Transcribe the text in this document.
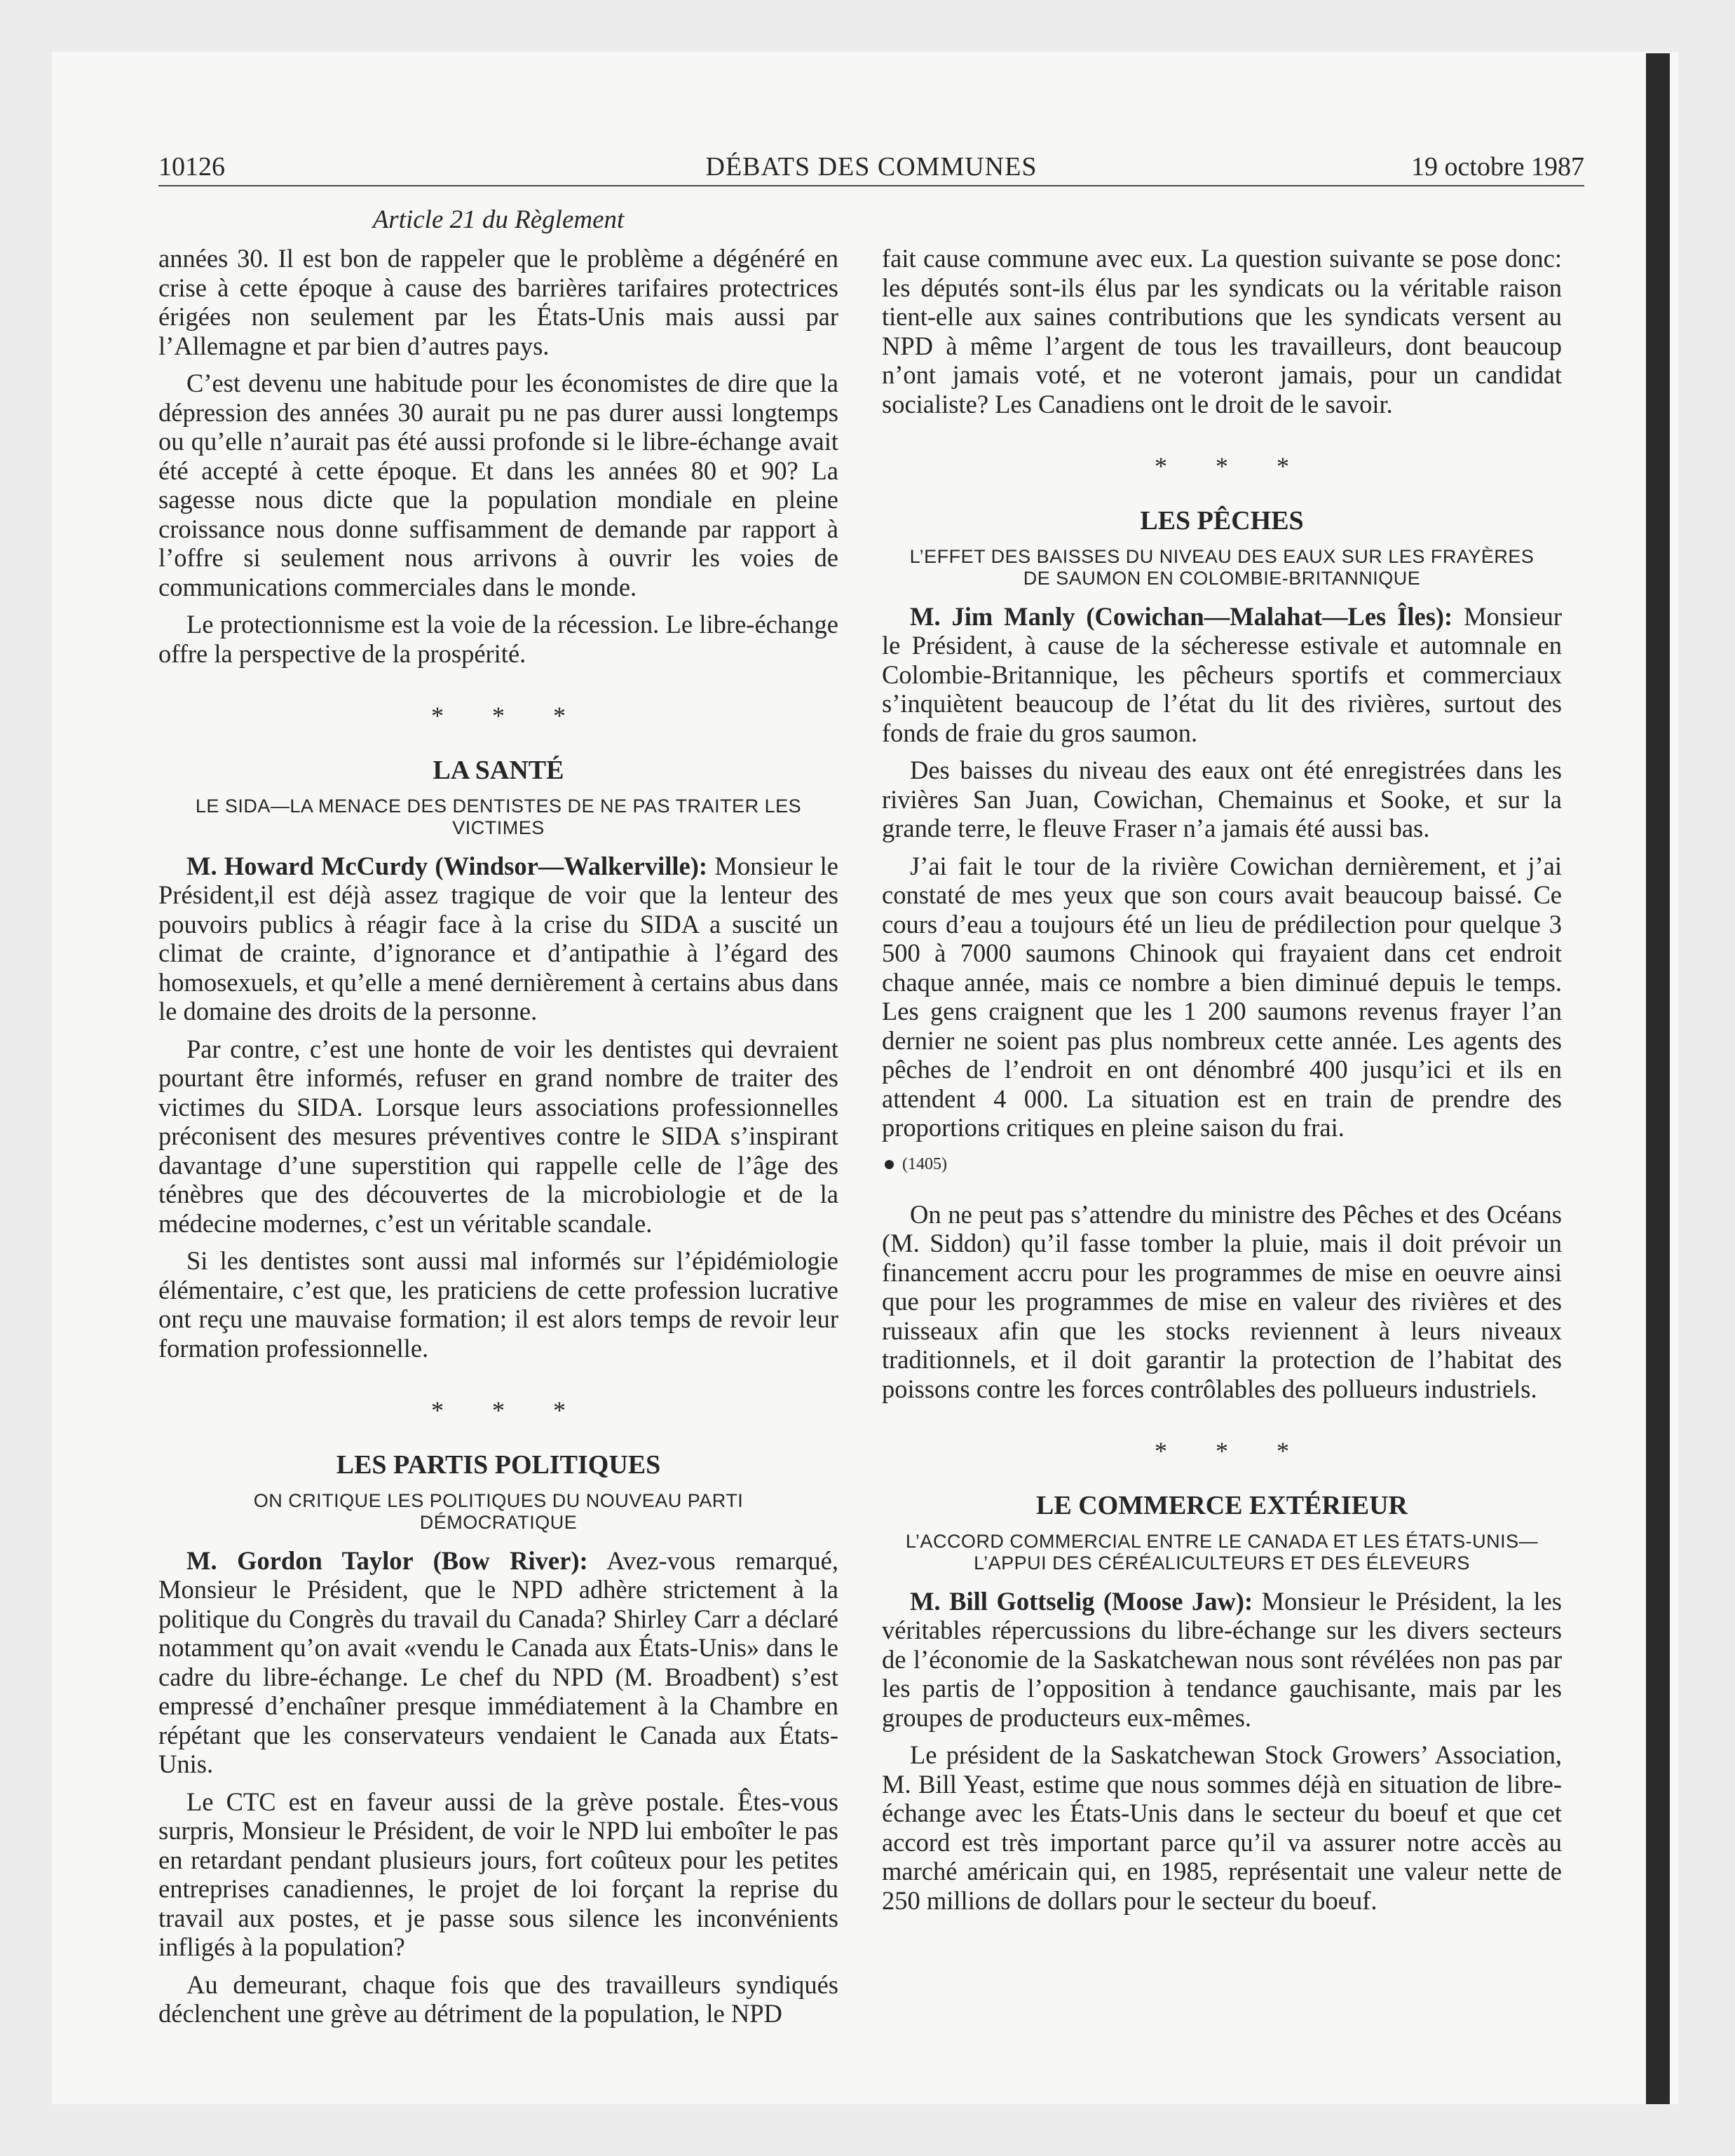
10126	DÉBATS DES COMMUNES	19 octobre 1987
Article 21 du Règlement

années 30. Il est bon de rappeler que le problème a dégénéré en crise à cette époque à cause des barrières tarifaires protectrices érigées non seulement par les États-Unis mais aussi par l’Allemagne et par bien d’autres pays.

C’est devenu une habitude pour les économistes de dire que la dépression des années 30 aurait pu ne pas durer aussi longtemps ou qu’elle n’aurait pas été aussi profonde si le libre-échange avait été accepté à cette époque. Et dans les années 80 et 90? La sagesse nous dicte que la population mondiale en pleine croissance nous donne suffisamment de demande par rapport à l’offre si seulement nous arrivons à ouvrir les voies de communications commerciales dans le monde.

Le protectionnisme est la voie de la récession. Le libre-échange offre la perspective de la prospérité.

* * *
LA SANTÉ
LE SIDA—LA MENACE DES DENTISTES DE NE PAS TRAITER LES VICTIMES

M. Howard McCurdy (Windsor—Walkerville): Monsieur le Président,il est déjà assez tragique de voir que la lenteur des pouvoirs publics à réagir face à la crise du SIDA a suscité un climat de crainte, d’ignorance et d’antipathie à l’égard des homosexuels, et qu’elle a mené dernièrement à certains abus dans le domaine des droits de la personne.

Par contre, c’est une honte de voir les dentistes qui devraient pourtant être informés, refuser en grand nombre de traiter des victimes du SIDA. Lorsque leurs associations professionnelles préconisent des mesures préventives contre le SIDA s’inspirant davantage d’une superstition qui rappelle celle de l’âge des ténèbres que des découvertes de la microbiologie et de la médecine modernes, c’est un véritable scandale.

Si les dentistes sont aussi mal informés sur l’épidémiologie élémentaire, c’est que, les praticiens de cette profession lucrative ont reçu une mauvaise formation; il est alors temps de revoir leur formation professionnelle.

* * *
LES PARTIS POLITIQUES
ON CRITIQUE LES POLITIQUES DU NOUVEAU PARTI DÉMOCRATIQUE

M. Gordon Taylor (Bow River): Avez-vous remarqué, Monsieur le Président, que le NPD adhère strictement à la politique du Congrès du travail du Canada? Shirley Carr a déclaré notamment qu’on avait «vendu le Canada aux États-Unis» dans le cadre du libre-échange. Le chef du NPD (M. Broadbent) s’est empressé d’enchaîner presque immédiatement à la Chambre en répétant que les conservateurs vendaient le Canada aux États-Unis.

Le CTC est en faveur aussi de la grève postale. Êtes-vous surpris, Monsieur le Président, de voir le NPD lui emboîter le pas en retardant pendant plusieurs jours, fort coûteux pour les petites entreprises canadiennes, le projet de loi forçant la reprise du travail aux postes, et je passe sous silence les inconvénients infligés à la population?

Au demeurant, chaque fois que des travailleurs syndiqués déclenchent une grève au détriment de la population, le NPD

fait cause commune avec eux. La question suivante se pose donc: les députés sont-ils élus par les syndicats ou la véritable raison tient-elle aux saines contributions que les syndicats versent au NPD à même l’argent de tous les travailleurs, dont beaucoup n’ont jamais voté, et ne voteront jamais, pour un candidat socialiste? Les Canadiens ont le droit de le savoir.

* * *
LES PÊCHES
L’EFFET DES BAISSES DU NIVEAU DES EAUX SUR LES FRAYÈRES DE SAUMON EN COLOMBIE-BRITANNIQUE

M. Jim Manly (Cowichan—Malahat—Les Îles): Monsieur le Président, à cause de la sécheresse estivale et automnale en Colombie-Britannique, les pêcheurs sportifs et commerciaux s’inquiètent beaucoup de l’état du lit des rivières, surtout des fonds de fraie du gros saumon.

Des baisses du niveau des eaux ont été enregistrées dans les rivières San Juan, Cowichan, Chemainus et Sooke, et sur la grande terre, le fleuve Fraser n’a jamais été aussi bas.

J’ai fait le tour de la rivière Cowichan dernièrement, et j’ai constaté de mes yeux que son cours avait beaucoup baissé. Ce cours d’eau a toujours été un lieu de prédilection pour quelque 3 500 à 7000 saumons Chinook qui frayaient dans cet endroit chaque année, mais ce nombre a bien diminué depuis le temps. Les gens craignent que les 1 200 saumons revenus frayer l’an dernier ne soient pas plus nombreux cette année. Les agents des pêches de l’endroit en ont dénombré 400 jusqu’ici et ils en attendent 4 000. La situation est en train de prendre des proportions critiques en pleine saison du frai.

(1405)

On ne peut pas s’attendre du ministre des Pêches et des Océans (M. Siddon) qu’il fasse tomber la pluie, mais il doit prévoir un financement accru pour les programmes de mise en oeuvre ainsi que pour les programmes de mise en valeur des rivières et des ruisseaux afin que les stocks reviennent à leurs niveaux traditionnels, et il doit garantir la protection de l’habitat des poissons contre les forces contrôlables des pollueurs industriels.

* * *
LE COMMERCE EXTÉRIEUR
L’ACCORD COMMERCIAL ENTRE LE CANADA ET LES ÉTATS-UNIS—L’APPUI DES CÉRÉALICULTEURS ET DES ÉLEVEURS

M. Bill Gottselig (Moose Jaw): Monsieur le Président, la les véritables répercussions du libre-échange sur les divers secteurs de l’économie de la Saskatchewan nous sont révélées non pas par les partis de l’opposition à tendance gauchisante, mais par les groupes de producteurs eux-mêmes.

Le président de la Saskatchewan Stock Growers’ Association, M. Bill Yeast, estime que nous sommes déjà en situation de libre-échange avec les États-Unis dans le secteur du boeuf et que cet accord est très important parce qu’il va assurer notre accès au marché américain qui, en 1985, représentait une valeur nette de 250 millions de dollars pour le secteur du boeuf.
